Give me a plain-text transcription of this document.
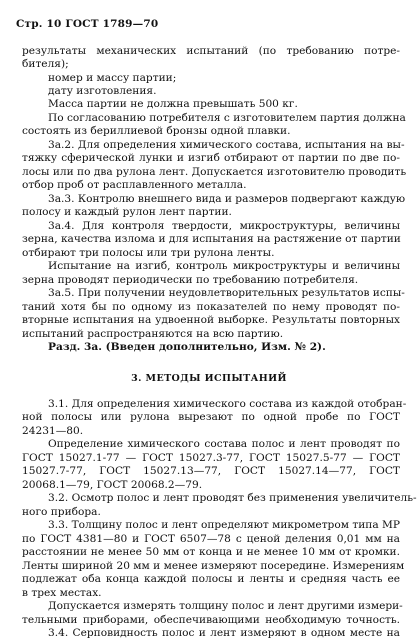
Стр. 10 ГОСТ 1789—70
результаты механических испытаний (по требованию потре-
бителя);
номер и массу партии;
дату изготовления.
Масса партии не должна превышать 500 кг.
По согласованию потребителя с изготовителем партия должна
состоять из бериллиевой бронзы одной плавки.
3а.2. Для определения химического состава, испытания на вы-
тяжку сферической лунки и изгиб отбирают от партии по две по-
лосы или по два рулона лент. Допускается изготовителю проводить
отбор проб от расплавленного металла.
3а.3. Контролю внешнего вида и размеров подвергают каждую
полосу и каждый рулон лент партии.
3а.4. Для контроля твердости, микроструктуры, величины
зерна, качества излома и для испытания на растяжение от партии
отбирают три полосы или три рулона ленты.
Испытание на изгиб, контроль микроструктуры и величины
зерна проводят периодически по требованию потребителя.
3а.5. При получении неудовлетворительных результатов испы-
таний хотя бы по одному из показателей по нему проводят по-
вторные испытания на удвоенной выборке. Результаты повторных
испытаний распространяются на всю партию.
Разд. 3а. (Введен дополнительно, Изм. № 2).
3. МЕТОДЫ ИСПЫТАНИЙ
3.1. Для определения химического состава из каждой отобран-
ной полосы или рулона вырезают по одной пробе по ГОСТ
24231—80.
Определение химического состава полос и лент проводят по
ГОСТ 15027.1-77 — ГОСТ 15027.3-77, ГОСТ 15027.5-77 — ГОСТ
15027.7-77, ГОСТ 15027.13—77, ГОСТ 15027.14—77, ГОСТ
20068.1—79, ГОСТ 20068.2—79.
3.2. Осмотр полос и лент проводят без применения увеличитель-
ного прибора.
3.3. Толщину полос и лент определяют микрометром типа МР
по ГОСТ 4381—80 и ГОСТ 6507—78 с ценой деления 0,01 мм на
расстоянии не менее 50 мм от конца и не менее 10 мм от кромки.
Ленты шириной 20 мм и менее измеряют посередине. Измерениям
подлежат оба конца каждой полосы и ленты и средняя часть ее
в трех местах.
Допускается измерять толщину полос и лент другими измери-
тельными приборами, обеспечивающими необходимую точность.
3.4. Серповидность полос и лент измеряют в одном месте на
